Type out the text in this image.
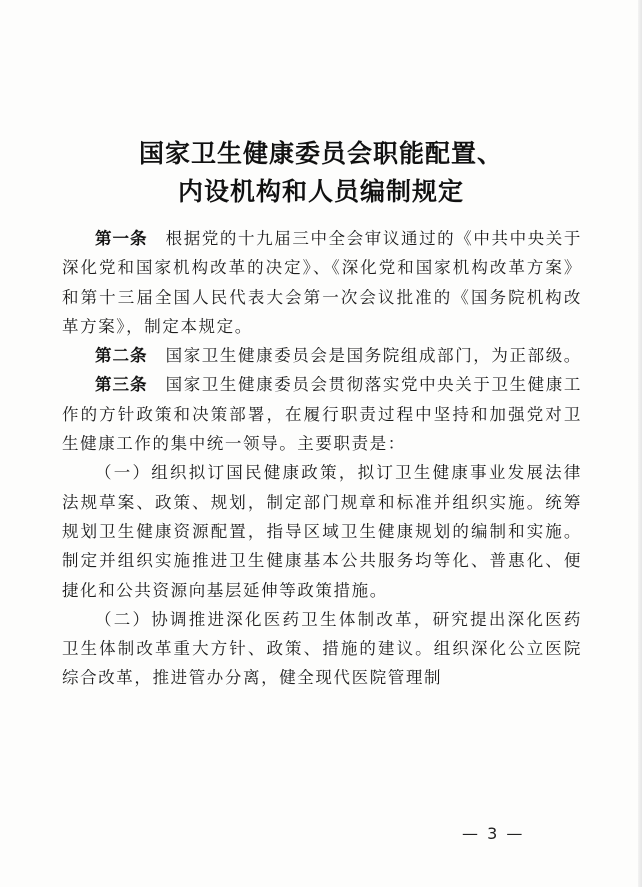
国家卫生健康委员会职能配置、
内设机构和人员编制规定

第一条　 根据党的十九届三中全会审议通过的《中共中央关于深化党和国家机构改革的决定》、《深化党和国家机构改革方案》和第十三届全国人民代表大会第一次会议批准的《国务院机构改革方案》，制定本规定。

第二条　 国家卫生健康委员会是国务院组成部门，为正部级。

第三条　 国家卫生健康委员会贯彻落实党中央关于卫生健康工作的方针政策和决策部署，在履行职责过程中坚持和加强党对卫生健康工作的集中统一领导。主要职责是：

（一）组织拟订国民健康政策，拟订卫生健康事业发展法律法规草案、政策、规划，制定部门规章和标准并组织实施。统筹规划卫生健康资源配置，指导区域卫生健康规划的编制和实施。制定并组织实施推进卫生健康基本公共服务均等化、普惠化、便捷化和公共资源向基层延伸等政策措施。

（二）协调推进深化医药卫生体制改革，研究提出深化医药卫生体制改革重大方针、政策、措施的建议。组织深化公立医院综合改革，推进管办分离，健全现代医院管理制

— 3 —
